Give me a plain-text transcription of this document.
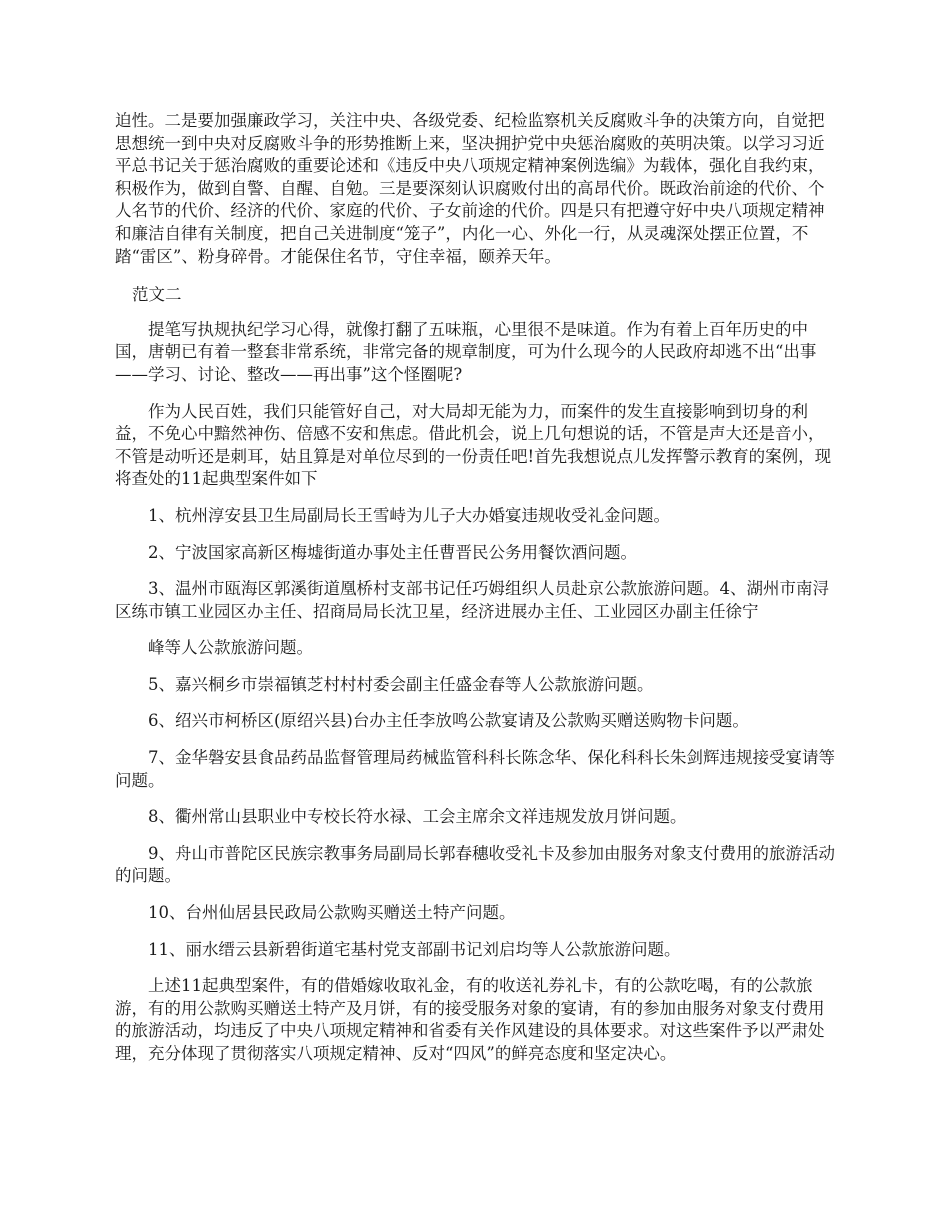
迫性。二是要加强廉政学习，关注中央、各级党委、纪检监察机关反腐败斗争的决策方向，自觉把思想统一到中央对反腐败斗争的形势推断上来，坚决拥护党中央惩治腐败的英明决策。以学习习近平总书记关于惩治腐败的重要论述和《违反中央八项规定精神案例选编》为载体，强化自我约束，积极作为，做到自警、自醒、自勉。三是要深刻认识腐败付出的高昂代价。既政治前途的代价、个人名节的代价、经济的代价、家庭的代价、子女前途的代价。四是只有把遵守好中央八项规定精神和廉洁自律有关制度，把自己关进制度“笼子”，内化一心、外化一行，从灵魂深处摆正位置，不踏“雷区”、粉身碎骨。才能保住名节，守住幸福，颐养天年。

范文二

提笔写执规执纪学习心得，就像打翻了五味瓶，心里很不是味道。作为有着上百年历史的中国，唐朝已有着一整套非常系统，非常完备的规章制度，可为什么现今的人民政府却逃不出“出事——学习、讨论、整改——再出事”这个怪圈呢?

作为人民百姓，我们只能管好自己，对大局却无能为力，而案件的发生直接影响到切身的利益，不免心中黯然神伤、倍感不安和焦虑。借此机会，说上几句想说的话，不管是声大还是音小，不管是动听还是刺耳，姑且算是对单位尽到的一份责任吧!首先我想说点儿发挥警示教育的案例，现将查处的11起典型案件如下

1、杭州淳安县卫生局副局长王雪峙为儿子大办婚宴违规收受礼金问题。

2、宁波国家高新区梅墟街道办事处主任曹晋民公务用餐饮酒问题。

3、温州市瓯海区郭溪街道凰桥村支部书记任巧姆组织人员赴京公款旅游问题。4、湖州市南浔区练市镇工业园区办主任、招商局局长沈卫星，经济进展办主任、工业园区办副主任徐宁

峰等人公款旅游问题。

5、嘉兴桐乡市崇福镇芝村村村委会副主任盛金春等人公款旅游问题。

6、绍兴市柯桥区(原绍兴县)台办主任李放鸣公款宴请及公款购买赠送购物卡问题。

7、金华磐安县食品药品监督管理局药械监管科科长陈念华、保化科科长朱剑辉违规接受宴请等问题。

8、衢州常山县职业中专校长符水禄、工会主席余文祥违规发放月饼问题。

9、舟山市普陀区民族宗教事务局副局长郭春穗收受礼卡及参加由服务对象支付费用的旅游活动的问题。

10、台州仙居县民政局公款购买赠送土特产问题。

11、丽水缙云县新碧街道宅基村党支部副书记刘启均等人公款旅游问题。

上述11起典型案件，有的借婚嫁收取礼金，有的收送礼券礼卡，有的公款吃喝，有的公款旅游，有的用公款购买赠送土特产及月饼，有的接受服务对象的宴请，有的参加由服务对象支付费用的旅游活动，均违反了中央八项规定精神和省委有关作风建设的具体要求。对这些案件予以严肃处理，充分体现了贯彻落实八项规定精神、反对“四风”的鲜亮态度和坚定决心。
